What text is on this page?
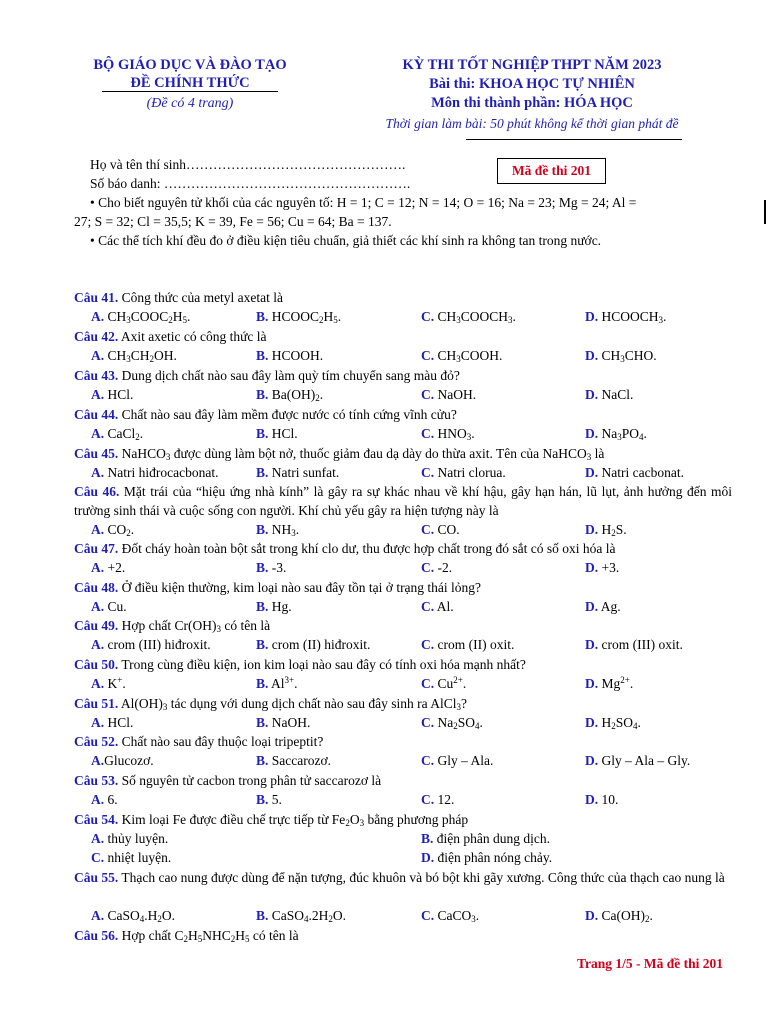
BỘ GIÁO DỤC VÀ ĐÀO TẠO
ĐỀ CHÍNH THỨC
(Đề có 4 trang)
KỲ THI TỐT NGHIỆP THPT NĂM 2023
Bài thi: KHOA HỌC TỰ NHIÊN
Môn thi thành phần: HÓA HỌC
Thời gian làm bài: 50 phút không kể thời gian phát đề
Họ và tên thí sinh………………………………………….
Số báo danh: ……………………………………………….
Mã đề thi 201
• Cho biết nguyên tử khối của các nguyên tố: H = 1; C = 12; N = 14; O = 16; Na = 23; Mg = 24; Al =
27; S = 32; Cl = 35,5; K = 39, Fe = 56; Cu = 64; Ba = 137.
• Các thể tích khí đều đo ở điều kiện tiêu chuẩn, giả thiết các khí sinh ra không tan trong nước.
Câu 41. Công thức của metyl axetat là
A. $CH_3COOC_2H_5$.	B. $HCOOC_2H_5$.	C. $CH_3COOCH_3$.	D. $HCOOCH_3$.
Câu 42. Axit axetic có công thức là
A. $CH_3CH_2OH$.	B. HCOOH.	C. $CH_3COOH$.	D. $CH_3CHO$.
Câu 43. Dung dịch chất nào sau đây làm quỳ tím chuyển sang màu đỏ?
A. HCl.	B. $Ba(OH)_2$.	C. NaOH.	D. NaCl.
Câu 44. Chất nào sau đây làm mềm được nước có tính cứng vĩnh cửu?
A. CaCl$_2$.	B. HCl.	C. $HNO_3$.	D. $Na_3PO_4$.
Câu 45. NaHCO$_3$ được dùng làm bột nở, thuốc giảm đau dạ dày do thừa axit. Tên của NaHCO$_3$ là
A. Natri hiđrocacbonat.	B. Natri sunfat.	C. Natri clorua.	D. Natri cacbonat.
Câu 46. Mặt trái của “hiệu ứng nhà kính” là gây ra sự khác nhau về khí hậu, gây hạn hán, lũ lụt, ảnh hưởng đến môi trường sinh thái và cuộc sống con người. Khí chủ yếu gây ra hiện tượng này là
A. $CO_2$.	B. $NH_3$.	C. CO.	D. $H_2S$.
Câu 47. Đốt cháy hoàn toàn bột sắt trong khí clo dư, thu được hợp chất trong đó sắt có số oxi hóa là
A. +2.	B. -3.	C. -2.	D. +3.
Câu 48. Ở điều kiện thường, kim loại nào sau đây tồn tại ở trạng thái lỏng?
A. Cu.	B. Hg.	C. Al.	D. Ag.
Câu 49. Hợp chất $Cr(OH)_3$ có tên là
A. crom (III) hiđroxit.	B. crom (II) hiđroxit.	C. crom (II) oxit.	D. crom (III) oxit.
Câu 50. Trong cùng điều kiện, ion kim loại nào sau đây có tính oxi hóa mạnh nhất?
A. K+.	B. $Al^{3+}$.	C. $Cu^{2+}$.	D. $Mg^{2+}$.
Câu 51. $Al(OH)_3$ tác dụng với dung dịch chất nào sau đây sinh ra AlCl$_3$?
A. HCl.	B. NaOH.	C. $Na_2SO_4$.	D. $H_2SO_4$.
Câu 52. Chất nào sau đây thuộc loại tripeptit?
A.Glucozơ.	B. Saccarozơ.	C. Gly – Ala.	D. Gly – Ala – Gly.
Câu 53. Số nguyên tử cacbon trong phân tử saccarozơ là
A. 6.	B. 5.	C. 12.	D. 10.
Câu 54. Kim loại Fe được điều chế trực tiếp từ $Fe_2O_3$ bằng phương pháp
A. thủy luyện.	B. điện phân dung dịch.
C. nhiệt luyện.	D. điện phân nóng chảy.
Câu 55. Thạch cao nung được dùng để nặn tượng, đúc khuôn và bó bột khi gãy xương. Công thức của thạch cao nung là
A. $CaSO_4.H_2O$.	B. $CaSO_4.2H_2O$.	C. CaCO$_3$.	D. $Ca(OH)_2$.
Câu 56. Hợp chất $C_2H_5NHC_2H_5$ có tên là
Trang 1/5 - Mã đề thi 201
